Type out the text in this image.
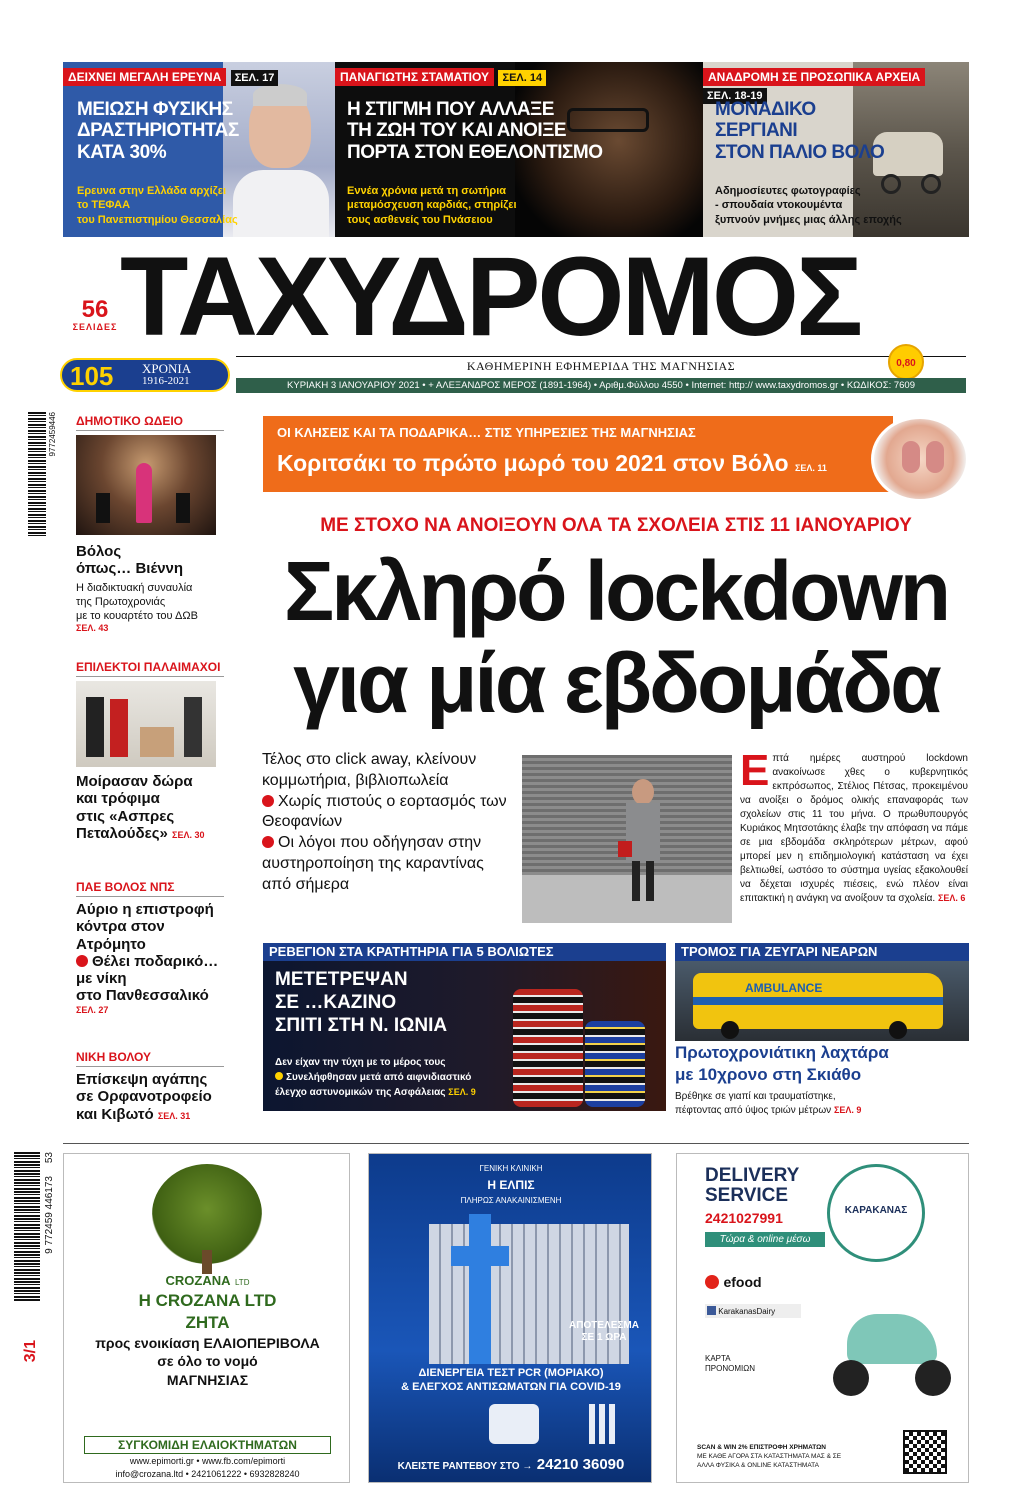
ΔΕΙΧΝΕΙ ΜΕΓΑΛΗ ΕΡΕΥΝΑ ΣΕΛ. 17
ΜΕΙΩΣΗ ΦΥΣΙΚΗΣ
ΔΡΑΣΤΗΡΙΟΤΗΤΑΣ
ΚΑΤΑ 30%
Ερευνα στην Ελλάδα αρχίζει
το ΤΕΦΑΑ
του Πανεπιστημίου Θεσσαλίας
ΠΑΝΑΓΙΩΤΗΣ ΣΤΑΜΑΤΙΟΥ ΣΕΛ. 14
Η ΣΤΙΓΜΗ ΠΟΥ ΑΛΛΑΞΕ
ΤΗ ΖΩΗ ΤΟΥ ΚΑΙ ΑΝΟΙΞΕ
ΠΟΡΤΑ ΣΤΟΝ ΕΘΕΛΟΝΤΙΣΜΟ
Εννέα χρόνια μετά τη σωτήρια
μεταμόσχευση καρδιάς, στηρίζει
τους ασθενείς του Πνάσειου
ΑΝΑΔΡΟΜΗ ΣΕ ΠΡΟΣΩΠΙΚΑ ΑΡΧΕΙΑΣΕΛ. 18-19
ΜΟΝΑΔΙΚΟ
ΣΕΡΓΙΑΝΙ
ΣΤΟΝ ΠΑΛΙΟ ΒΟΛΟ
Αδημοσίευτες φωτογραφίες
- σπουδαία ντοκουμέντα
ξυπνούν μνήμες μιας άλλης εποχής
56
ΣΕΛΙΔΕΣ ΤΑΧΥΔΡΟΜΟΣ
105 ΧΡΟΝΙΑ
1916-2021
ΚΑΘΗΜΕΡΙΝΗ ΕΦΗΜΕΡΙΔΑ ΤΗΣ ΜΑΓΝΗΣΙΑΣ	0,80
ΚΥΡΙΑΚΗ 3 ΙΑΝΟΥΑΡΙΟΥ 2021 • + ΑΛΕΞΑΝΔΡΟΣ ΜΕΡΟΣ (1891-1964) • Αριθμ.Φύλλου 4550 • Internet: http:// www.taxydromos.gr • ΚΩΔΙΚΟΣ: 7609
9772459446
9 772459 446173
53
3/1
ΔΗΜΟΤΙΚΟ ΩΔΕΙΟ
Βόλος
όπως… Βιέννη
Η διαδικτυακή συναυλία
της Πρωτοχρονιάς
με το κουαρτέτο του ΔΩΒ
ΣΕΛ. 43
ΕΠΙΛΕΚΤΟΙ ΠΑΛΑΙΜΑΧΟΙ
Μοίρασαν δώρα
και τρόφιμα
στις «Ασπρες
Πεταλούδες» ΣΕΛ. 30
ΠΑΕ ΒΟΛΟΣ ΝΠΣ
Αύριο η επιστροφή
κόντρα στον Ατρόμητο
Θέλει ποδαρικό…
με νίκη
στο Πανθεσσαλικό
ΣΕΛ. 27
ΝΙΚΗ ΒΟΛΟΥ
Επίσκεψη αγάπης
σε Ορφανοτροφείο
και Κιβωτό ΣΕΛ. 31
ΟΙ ΚΛΗΣΕΙΣ ΚΑΙ ΤΑ ΠΟΔΑΡΙΚΑ… ΣΤΙΣ ΥΠΗΡΕΣΙΕΣ ΤΗΣ ΜΑΓΝΗΣΙΑΣ
Κοριτσάκι το πρώτο μωρό του 2021 στον Βόλο ΣΕΛ. 11
ΜΕ ΣΤΟΧΟ ΝΑ ΑΝΟΙΞΟΥΝ ΟΛΑ ΤΑ ΣΧΟΛΕΙΑ ΣΤΙΣ 11 ΙΑΝΟΥΑΡΙΟΥ
Σκληρό lockdown
για μία εβδομάδα
Τέλος στο click away, κλείνουν κομμωτήρια, βιβλιοπωλεία
Χωρίς πιστούς ο εορτασμός των Θεοφανίων
Οι λόγοι που οδήγησαν στην αυστηροποίηση της καραντίνας από σήμερα
Ε πτά ημέρες αυστηρού lockdown ανακοίνωσε χθες ο κυβερνητικός εκπρόσωπος, Στέλιος Πέτσας, προκειμένου να ανοίξει ο δρόμος ολικής επαναφοράς των σχολείων στις 11 του μήνα. Ο πρωθυπουργός Κυριάκος Μητσοτάκης έλαβε την απόφαση να πάμε σε μια εβδομάδα σκληρότερων μέτρων, αφού μπορεί μεν η επιδημιολογική κατάσταση να έχει βελτιωθεί, ωστόσο το σύστημα υγείας εξακολουθεί να δέχεται ισχυρές πιέσεις, ενώ πλέον είναι επιτακτική η ανάγκη να ανοίξουν τα σχολεία. ΣΕΛ. 6
ΡΕΒΕΓΙΟΝ ΣΤΑ ΚΡΑΤΗΤΗΡΙΑ ΓΙΑ 5 ΒΟΛΙΩΤΕΣ
ΜΕΤΕΤΡΕΨΑΝ
ΣΕ …ΚΑΖΙΝΟ
ΣΠΙΤΙ ΣΤΗ Ν. ΙΩΝΙΑ
Δεν είχαν την τύχη με το μέρος τους
Συνελήφθησαν μετά από αιφνιδιαστικό
έλεγχο αστυνομικών της Ασφάλειας ΣΕΛ. 9
ΤΡΟΜΟΣ ΓΙΑ ΖΕΥΓΑΡΙ ΝΕΑΡΩΝ
AMBULANCE
Πρωτοχρονιάτικη λαχτάρα
με 10χρονο στη Σκιάθο
Βρέθηκε σε γιαπί και τραυματίστηκε,
πέφτοντας από ύψος τριών μέτρων ΣΕΛ. 9
CROZANA LTD
Η CROZANA LTD
ΖΗΤΑ
προς ενοικίαση ΕΛΑΙΟΠΕΡΙΒΟΛΑ
σε όλο το νομό
ΜΑΓΝΗΣΙΑΣ
ΣΥΓΚΟΜΙΔΗ ΕΛΑΙΟΚΤΗΜΑΤΩΝ
www.epimorti.gr • www.fb.com/epimorti
info@crozana.ltd • 2421061222 • 6932828240
ΓΕΝΙΚΗ ΚΛΙΝΙΚΗ
Η ΕΛΠΙΣ
ΠΛΗΡΩΣ ΑΝΑΚΑΙΝΙΣΜΕΝΗ
ΑΠΟΤΕΛΕΣΜΑ
ΣΕ 1 ΩΡΑ
ΔΙΕΝΕΡΓΕΙΑ ΤΕΣΤ PCR (ΜΟΡΙΑΚΟ)
& ΕΛΕΓΧΟΣ ΑΝΤΙΣΩΜΑΤΩΝ ΓΙΑ COVID-19
ΚΛΕΙΣΤΕ ΡΑΝΤΕΒΟΥ ΣΤΟ → 24210 36090
DELIVERY
SERVICE
2421027991	ΚΑΡΑΚΑΝΑΣ
Τώρα & online μέσω
efood
KarakanasDairy
ΚΑΡΤΑ
ΠΡΟΝΟΜΙΩΝ
SCAN & WIN 2% ΕΠΙΣΤΡΟΦΗ ΧΡΗΜΑΤΩΝ
ΜΕ ΚΑΘΕ ΑΓΟΡΑ ΣΤΑ ΚΑΤΑΣΤΗΜΑΤΑ ΜΑΣ & ΣΕ
ΑΛΛΑ ΦΥΣΙΚΑ & ONLINE ΚΑΤΑΣΤΗΜΑΤΑ
